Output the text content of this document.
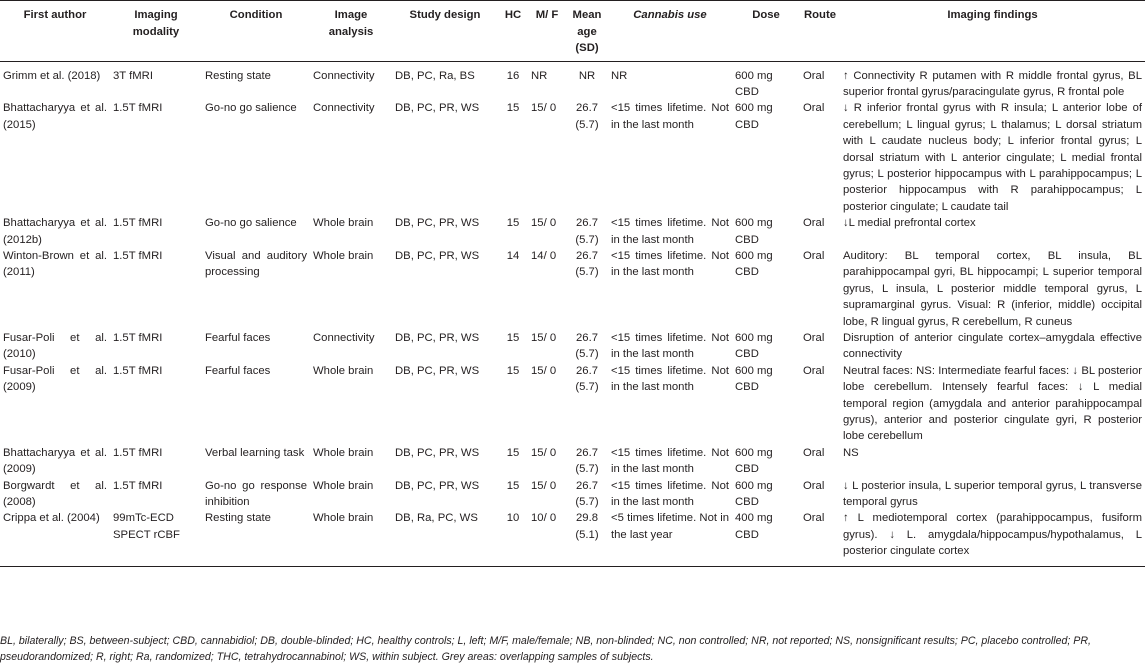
First author	Imaging modality	Condition	Image analysis	Study design	HC	M/ F	Mean age (SD)	Cannabis use	Dose	Route	Imaging findings
Grimm et al. (2018)	3T fMRI	Resting state	Connectivity	DB, PC, Ra, BS	16	NR	NR	NR	600 mg CBD	Oral	↑ Connectivity R putamen with R middle frontal gyrus, BL superior frontal gyrus/paracingulate gyrus, R frontal pole
Bhattacharyya et al. (2015)	1.5T fMRI	Go-no go salience	Connectivity	DB, PC, PR, WS	15	15/ 0	26.7 (5.7)	<15 times lifetime. Not in the last month	600 mg CBD	Oral	↓ R inferior frontal gyrus with R insula; L anterior lobe of cerebellum; L lingual gyrus; L thalamus; L dorsal striatum with L caudate nucleus body; L inferior frontal gyrus; L dorsal striatum with L anterior cingulate; L medial frontal gyrus; L posterior hippocampus with L parahippocampus; L posterior hippocampus with R parahippocampus; L posterior cingulate; L caudate tail
Bhattacharyya et al. (2012b)	1.5T fMRI	Go-no go salience	Whole brain	DB, PC, PR, WS	15	15/ 0	26.7 (5.7)	<15 times lifetime. Not in the last month	600 mg CBD	Oral	↓L medial prefrontal cortex
Winton-Brown et al. (2011)	1.5T fMRI	Visual and auditory processing	Whole brain	DB, PC, PR, WS	14	14/ 0	26.7 (5.7)	<15 times lifetime. Not in the last month	600 mg CBD	Oral	Auditory: BL temporal cortex, BL insula, BL parahippocampal gyri, BL hippocampi; L superior temporal gyrus, L insula, L posterior middle temporal gyrus, L supramarginal gyrus. Visual: R (inferior, middle) occipital lobe, R lingual gyrus, R cerebellum, R cuneus
Fusar-Poli et al. (2010)	1.5T fMRI	Fearful faces	Connectivity	DB, PC, PR, WS	15	15/ 0	26.7 (5.7)	<15 times lifetime. Not in the last month	600 mg CBD	Oral	Disruption of anterior cingulate cortex–amygdala effective connectivity
Fusar-Poli et al. (2009)	1.5T fMRI	Fearful faces	Whole brain	DB, PC, PR, WS	15	15/ 0	26.7 (5.7)	<15 times lifetime. Not in the last month	600 mg CBD	Oral	Neutral faces: NS: Intermediate fearful faces: ↓ BL posterior lobe cerebellum. Intensely fearful faces: ↓ L medial temporal region (amygdala and anterior parahippocampal gyrus), anterior and posterior cingulate gyri, R posterior lobe cerebellum
Bhattacharyya et al. (2009)	1.5T fMRI	Verbal learning task	Whole brain	DB, PC, PR, WS	15	15/ 0	26.7 (5.7)	<15 times lifetime. Not in the last month	600 mg CBD	Oral	NS
Borgwardt et al. (2008)	1.5T fMRI	Go-no go response inhibition	Whole brain	DB, PC, PR, WS	15	15/ 0	26.7 (5.7)	<15 times lifetime. Not in the last month	600 mg CBD	Oral	↓ L posterior insula, L superior temporal gyrus, L transverse temporal gyrus
Crippa et al. (2004)	99mTc-ECD SPECT rCBF	Resting state	Whole brain	DB, Ra, PC, WS	10	10/ 0	29.8 (5.1)	<5 times lifetime. Not in the last year	400 mg CBD	Oral	↑ L mediotemporal cortex (parahippocampus, fusiform gyrus). ↓ L. amygdala/hippocampus/hypothalamus, L posterior cingulate cortex
BL, bilaterally; BS, between-subject; CBD, cannabidiol; DB, double-blinded; HC, healthy controls; L, left; M/F, male/female; NB, non-blinded; NC, non controlled; NR, not reported; NS, nonsignificant results; PC, placebo controlled; PR, pseudorandomized; R, right; Ra, randomized; THC, tetrahydrocannabinol; WS, within subject. Grey areas: overlapping samples of subjects.
